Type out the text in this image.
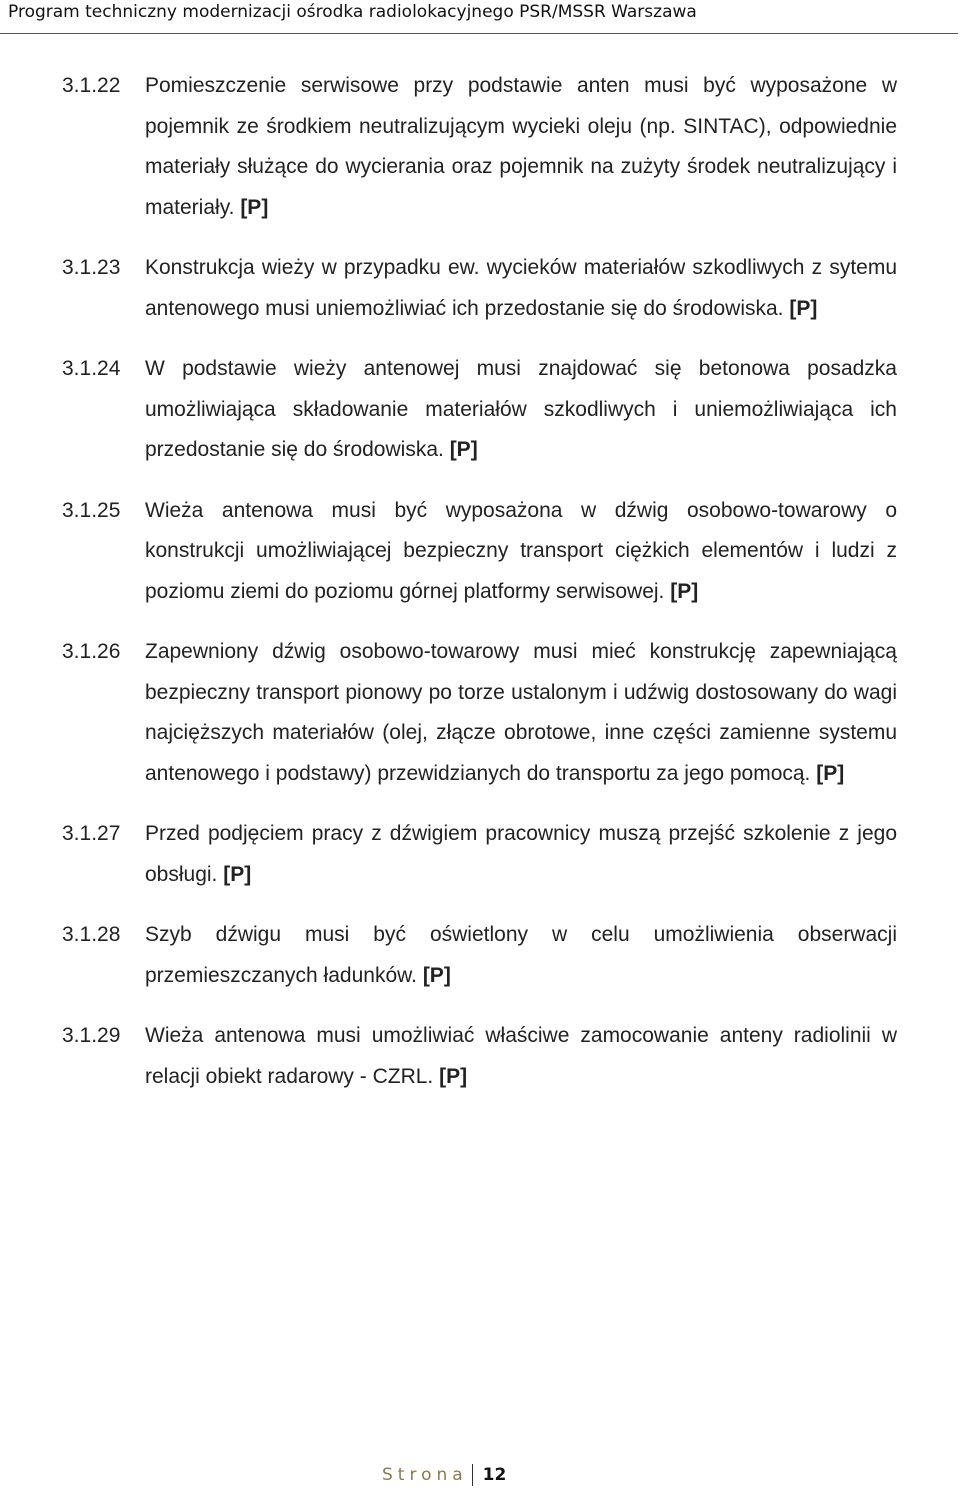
Program techniczny modernizacji ośrodka radiolokacyjnego PSR/MSSR Warszawa
3.1.22 Pomieszczenie serwisowe przy podstawie anten musi być wyposażone w pojemnik ze środkiem neutralizującym wycieki oleju (np. SINTAC), odpowiednie materiały służące do wycierania oraz pojemnik na zużyty środek neutralizujący i materiały. [P]
3.1.23 Konstrukcja wieży w przypadku ew. wycieków materiałów szkodliwych z sytemu antenowego musi uniemożliwiać ich przedostanie się do środowiska. [P]
3.1.24 W podstawie wieży antenowej musi znajdować się betonowa posadzka umożliwiająca składowanie materiałów szkodliwych i uniemożliwiająca ich przedostanie się do środowiska. [P]
3.1.25 Wieża antenowa musi być wyposażona w dźwig osobowo-towarowy o konstrukcji umożliwiającej bezpieczny transport ciężkich elementów i ludzi z poziomu ziemi do poziomu górnej platformy serwisowej. [P]
3.1.26 Zapewniony dźwig osobowo-towarowy musi mieć konstrukcję zapewniającą bezpieczny transport pionowy po torze ustalonym i udźwig dostosowany do wagi najcięższych materiałów (olej, złącze obrotowe, inne części zamienne systemu antenowego i podstawy) przewidzianych do transportu za jego pomocą. [P]
3.1.27 Przed podjęciem pracy z dźwigiem pracownicy muszą przejść szkolenie z jego obsługi. [P]
3.1.28 Szyb dźwigu musi być oświetlony w celu umożliwienia obserwacji przemieszczanych ładunków. [P]
3.1.29 Wieża antenowa musi umożliwiać właściwe zamocowanie anteny radiolinii w relacji obiekt radarowy - CZRL. [P]
Strona 12
